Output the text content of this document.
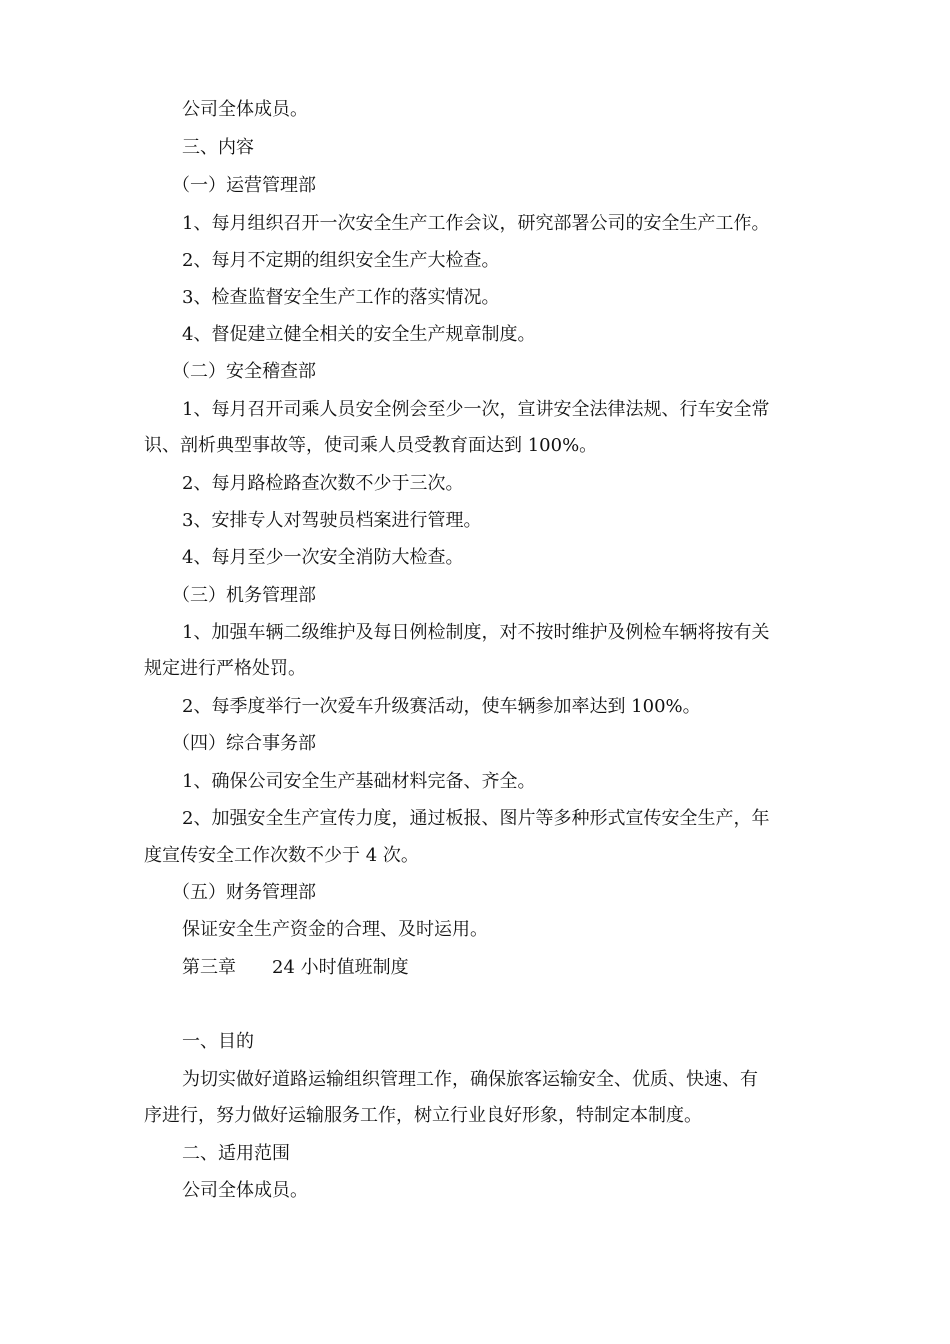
公司全体成员。
三、内容
（一）运营管理部
1、每月组织召开一次安全生产工作会议，研究部署公司的安全生产工作。
2、每月不定期的组织安全生产大检查。
3、检查监督安全生产工作的落实情况。
4、督促建立健全相关的安全生产规章制度。
（二）安全稽查部
1、每月召开司乘人员安全例会至少一次，宣讲安全法律法规、行车安全常
识、剖析典型事故等，使司乘人员受教育面达到 100%。
2、每月路检路查次数不少于三次。
3、安排专人对驾驶员档案进行管理。
4、每月至少一次安全消防大检查。
（三）机务管理部
1、加强车辆二级维护及每日例检制度，对不按时维护及例检车辆将按有关
规定进行严格处罚。
2、每季度举行一次爱车升级赛活动，使车辆参加率达到 100%。
（四）综合事务部
1、确保公司安全生产基础材料完备、齐全。
2、加强安全生产宣传力度，通过板报、图片等多种形式宣传安全生产，年
度宣传安全工作次数不少于 4 次。
（五）财务管理部
保证安全生产资金的合理、及时运用。
第三章　　24 小时值班制度
一、目的
为切实做好道路运输组织管理工作，确保旅客运输安全、优质、快速、有
序进行，努力做好运输服务工作，树立行业良好形象，特制定本制度。
二、适用范围
公司全体成员。
